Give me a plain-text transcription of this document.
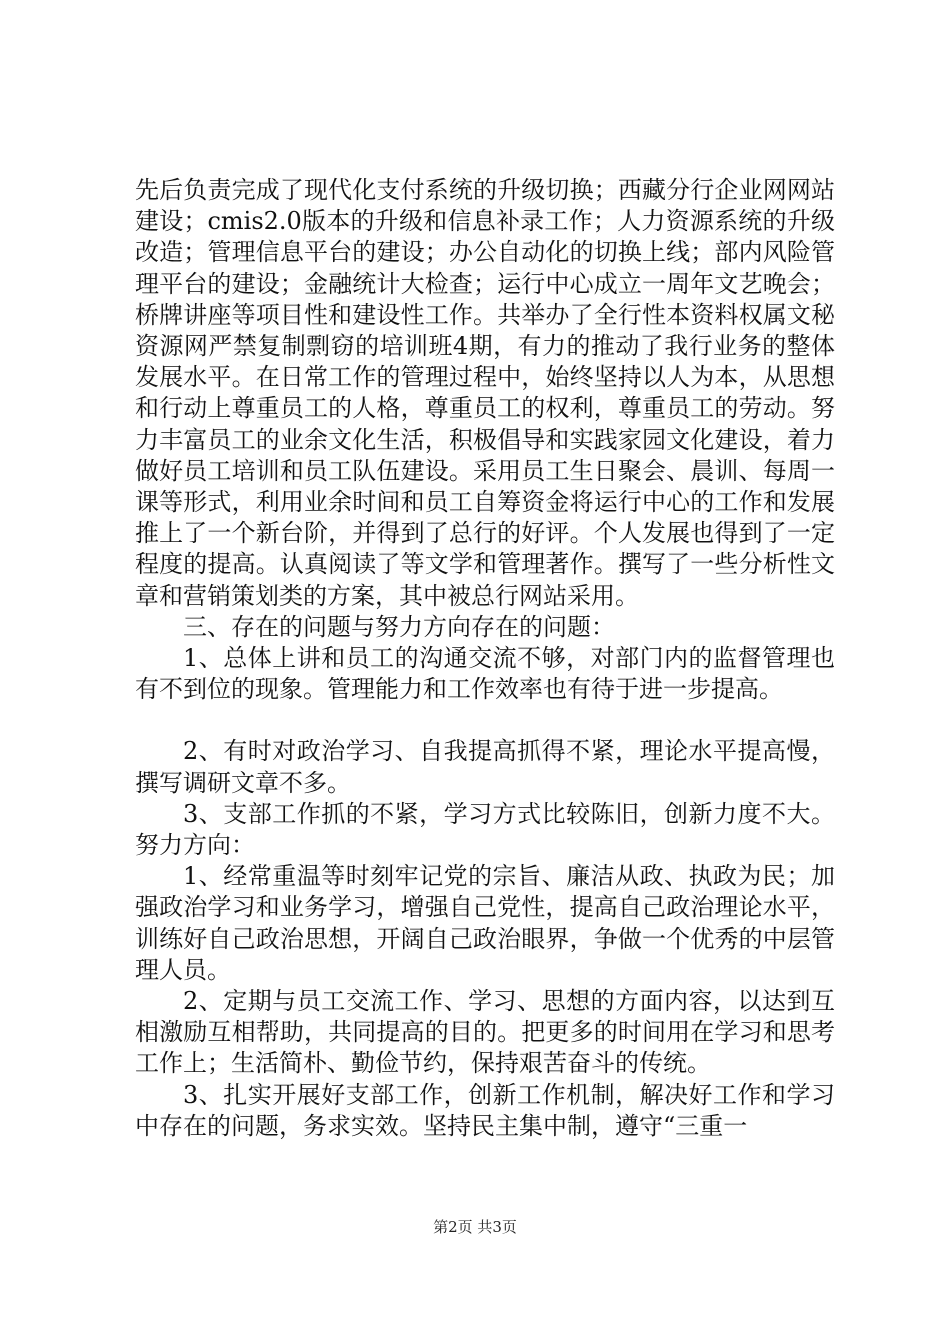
先后负责完成了现代化支付系统的升级切换；西藏分行企业网网站建设；cmis2.0版本的升级和信息补录工作；人力资源系统的升级改造；管理信息平台的建设；办公自动化的切换上线；部内风险管理平台的建设；金融统计大检查；运行中心成立一周年文艺晚会；桥牌讲座等项目性和建设性工作。共举办了全行性本资料权属文秘资源网严禁复制剽窃的培训班4期，有力的推动了我行业务的整体发展水平。在日常工作的管理过程中，始终坚持以人为本，从思想和行动上尊重员工的人格，尊重员工的权利，尊重员工的劳动。努力丰富员工的业余文化生活，积极倡导和实践家园文化建设，着力做好员工培训和员工队伍建设。采用员工生日聚会、晨训、每周一课等形式，利用业余时间和员工自筹资金将运行中心的工作和发展推上了一个新台阶，并得到了总行的好评。个人发展也得到了一定程度的提高。认真阅读了等文学和管理著作。撰写了一些分析性文章和营销策划类的方案，其中被总行网站采用。

三、存在的问题与努力方向存在的问题：

1、总体上讲和员工的沟通交流不够，对部门内的监督管理也有不到位的现象。管理能力和工作效率也有待于进一步提高。

2、有时对政治学习、自我提高抓得不紧，理论水平提高慢，撰写调研文章不多。

3、支部工作抓的不紧，学习方式比较陈旧，创新力度不大。努力方向：

1、经常重温等时刻牢记党的宗旨、廉洁从政、执政为民；加强政治学习和业务学习，增强自己党性，提高自己政治理论水平，训练好自己政治思想，开阔自己政治眼界，争做一个优秀的中层管理人员。

2、定期与员工交流工作、学习、思想的方面内容，以达到互相激励互相帮助，共同提高的目的。把更多的时间用在学习和思考工作上；生活简朴、勤俭节约，保持艰苦奋斗的传统。

3、扎实开展好支部工作，创新工作机制，解决好工作和学习中存在的问题，务求实效。坚持民主集中制，遵守“三重一

第2页 共3页
